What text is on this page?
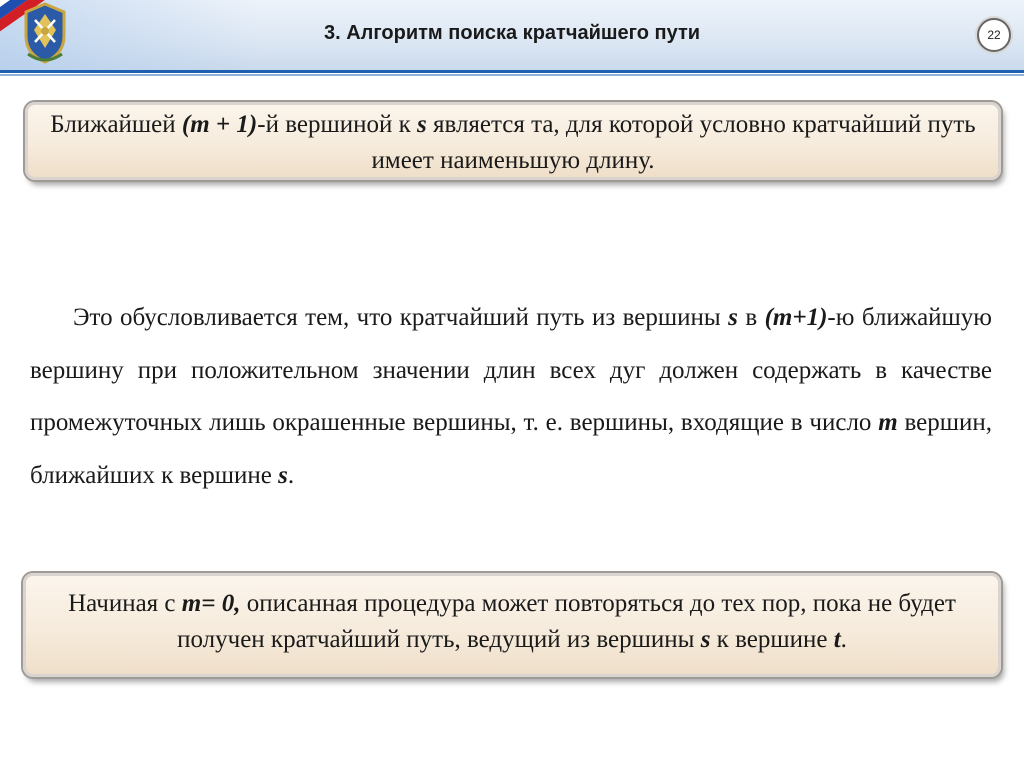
3. Алгоритм поиска кратчайшего пути	22
Ближайшей (m + 1)-й вершиной к s является та, для которой условно кратчайший путь имеет наименьшую длину.
Это обусловливается тем, что кратчайший путь из вершины s в (m+1)-ю ближайшую вершину при положительном значении длин всех дуг должен содержать в качестве промежуточных лишь окрашенные вершины, т. е. вершины, входящие в число m вершин, ближайших к вершине s.
Начиная с m= 0, описанная процедура может повторяться до тех пор, пока не будет получен кратчайший путь, ведущий из вершины s к вершине t.
